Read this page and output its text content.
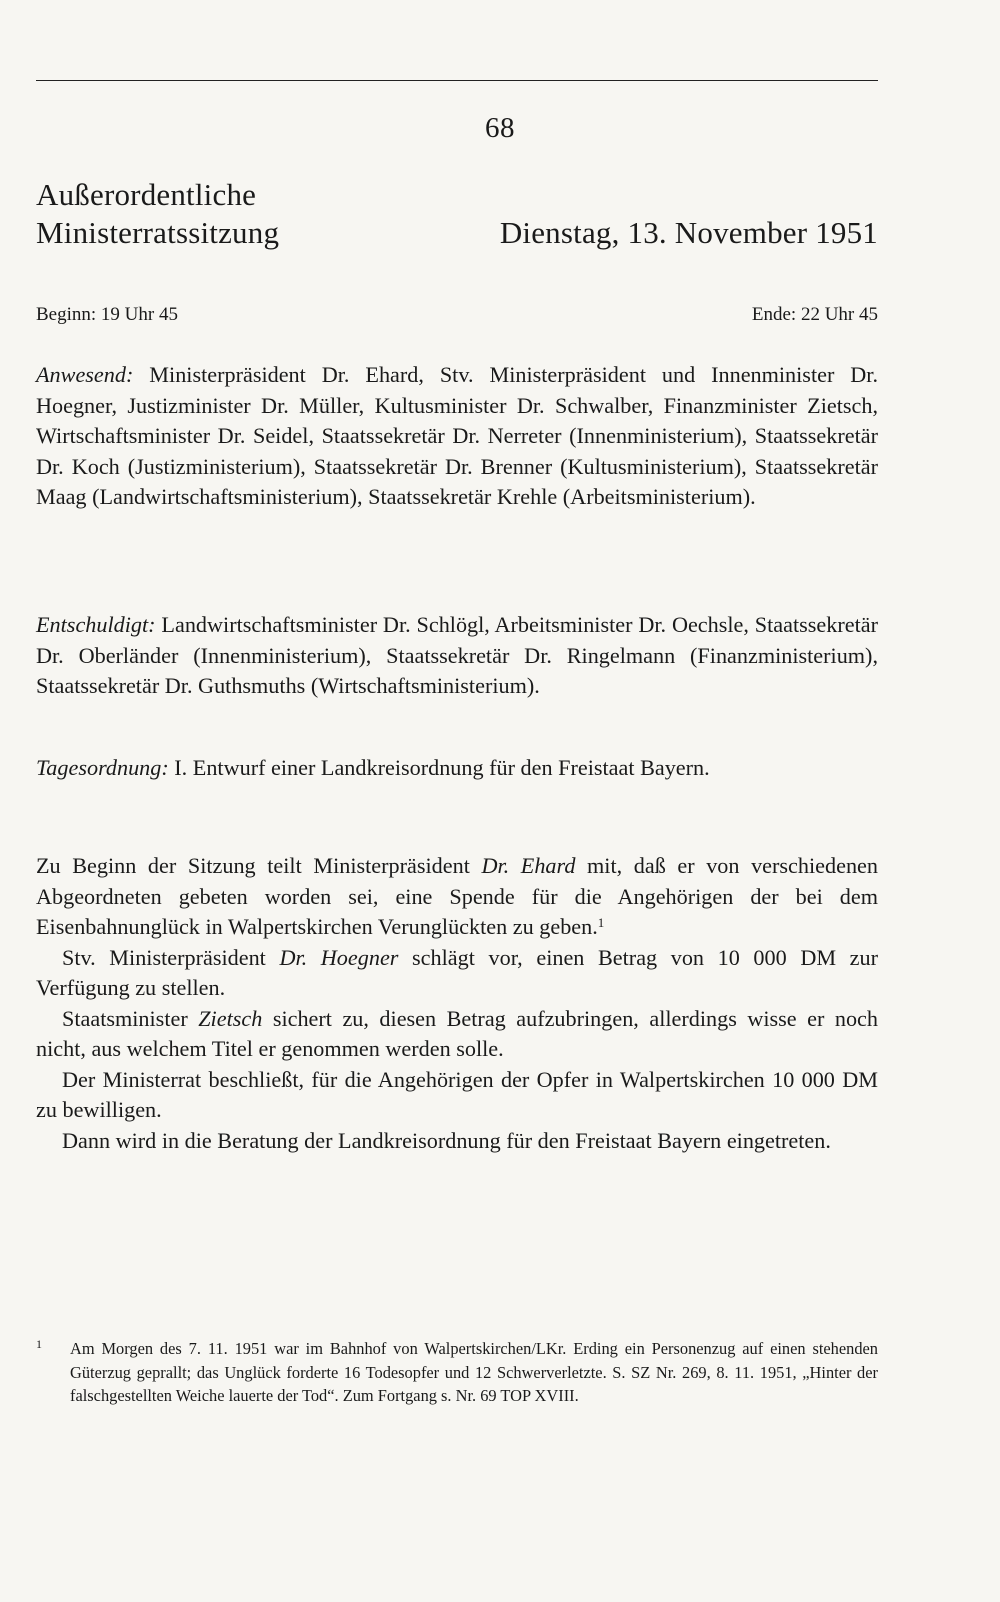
68
Außerordentliche
Ministerratssitzung	Dienstag, 13. November 1951
Beginn: 19 Uhr 45	Ende: 22 Uhr 45

Anwesend: Ministerpräsident Dr. Ehard, Stv. Ministerpräsident und Innenminister Dr. Hoegner, Justizminister Dr. Müller, Kultusminister Dr. Schwalber, Finanzminister Zietsch, Wirtschaftsminister Dr. Seidel, Staatssekretär Dr. Nerreter (Innenministerium), Staatssekretär Dr. Koch (Justizministerium), Staatssekretär Dr. Brenner (Kultusministerium), Staatssekretär Maag (Landwirtschaftsministerium), Staatssekretär Krehle (Arbeitsministerium).

Entschuldigt: Landwirtschaftsminister Dr. Schlögl, Arbeitsminister Dr. Oechsle, Staatssekretär Dr. Oberländer (Innenministerium), Staatssekretär Dr. Ringelmann (Finanzministerium), Staatssekretär Dr. Guthsmuths (Wirtschaftsministerium).

Tagesordnung: I. Entwurf einer Landkreisordnung für den Freistaat Bayern.

Zu Beginn der Sitzung teilt Ministerpräsident Dr. Ehard mit, daß er von verschiedenen Abgeordneten gebeten worden sei, eine Spende für die Angehörigen der bei dem Eisenbahnunglück in Walpertskirchen Verunglückten zu geben.$^1$

Stv. Ministerpräsident Dr. Hoegner schlägt vor, einen Betrag von 10 000 DM zur Verfügung zu stellen.

Staatsminister Zietsch sichert zu, diesen Betrag aufzubringen, allerdings wisse er noch nicht, aus welchem Titel er genommen werden solle.

Der Ministerrat beschließt, für die Angehörigen der Opfer in Walpertskirchen 10 000 DM zu bewilligen.

Dann wird in die Beratung der Landkreisordnung für den Freistaat Bayern eingetreten.

1	Am Morgen des 7. 11. 1951 war im Bahnhof von Walpertskirchen/LKr. Erding ein Personenzug auf einen stehenden Güterzug geprallt; das Unglück forderte 16 Todesopfer und 12 Schwerverletzte. S. SZ Nr. 269, 8. 11. 1951, „Hinter der falschgestellten Weiche lauerte der Tod“. Zum Fortgang s. Nr. 69 TOP XVIII.
